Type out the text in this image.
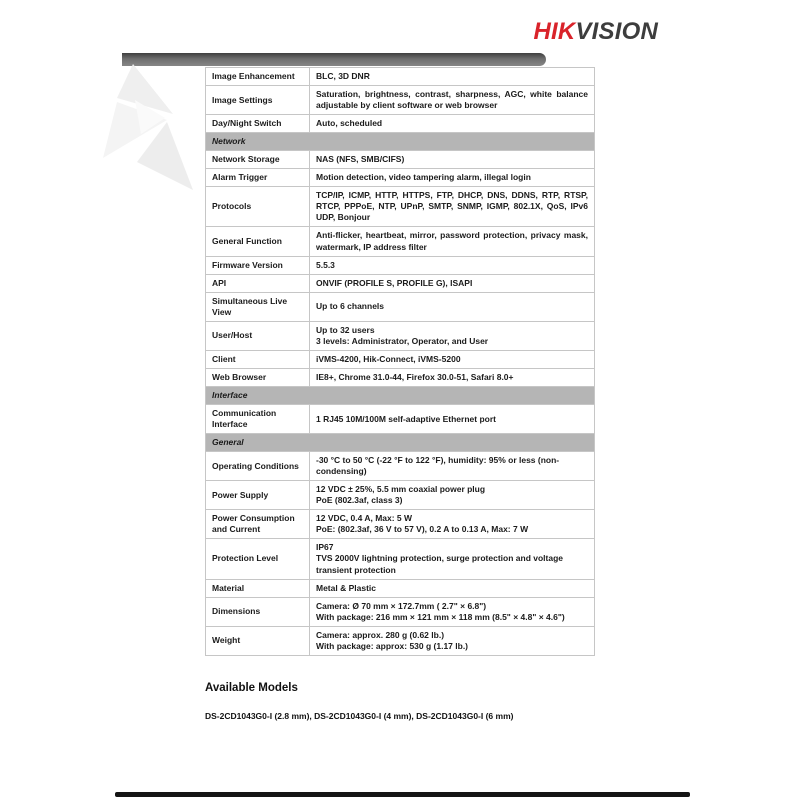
HIKVISION
Image Enhancement	BLC, 3D DNR

Image Settings	Saturation, brightness, contrast, sharpness, AGC, white balance adjustable by client software or web browser

Day/Night Switch	Auto, scheduled

Network	
Network Storage	NAS (NFS, SMB/CIFS)

Alarm Trigger	Motion detection, video tampering alarm, illegal login

Protocols	TCP/IP, ICMP, HTTP, HTTPS, FTP, DHCP, DNS, DDNS, RTP, RTSP, RTCP, PPPoE, NTP, UPnP, SMTP, SNMP, IGMP, 802.1X, QoS, IPv6 UDP, Bonjour

General Function	Anti-flicker, heartbeat, mirror, password protection, privacy mask, watermark, IP address filter

Firmware Version	5.5.3

API	ONVIF (PROFILE S, PROFILE G), ISAPI

Simultaneous Live View	Up to 6 channels

User/Host	Up to 32 users
3 levels: Administrator, Operator, and User

Client	iVMS-4200, Hik-Connect, iVMS-5200

Web Browser	IE8+, Chrome 31.0-44, Firefox 30.0-51, Safari 8.0+

Interface	
Communication Interface	1 RJ45 10M/100M self-adaptive Ethernet port

General	
Operating Conditions	-30 °C to 50 °C (-22 °F to 122 °F), humidity: 95% or less (non-condensing)

Power Supply	12 VDC ± 25%, 5.5 mm coaxial power plug
PoE (802.3af, class 3)

Power Consumption and Current	12 VDC, 0.4 A, Max: 5 W
PoE: (802.3af, 36 V to 57 V), 0.2 A to 0.13 A, Max: 7 W

Protection Level	IP67
TVS 2000V lightning protection, surge protection and voltage transient protection

Material	Metal & Plastic

Dimensions	Camera: Ø 70 mm × 172.7mm ( 2.7" × 6.8")
With package: 216 mm × 121 mm × 118 mm (8.5" × 4.8" × 4.6")

Weight	Camera: approx. 280 g (0.62 lb.)
With package: approx: 530 g (1.17 lb.)
Available Models
DS-2CD1043G0-I (2.8 mm), DS-2CD1043G0-I (4 mm), DS-2CD1043G0-I (6 mm)
